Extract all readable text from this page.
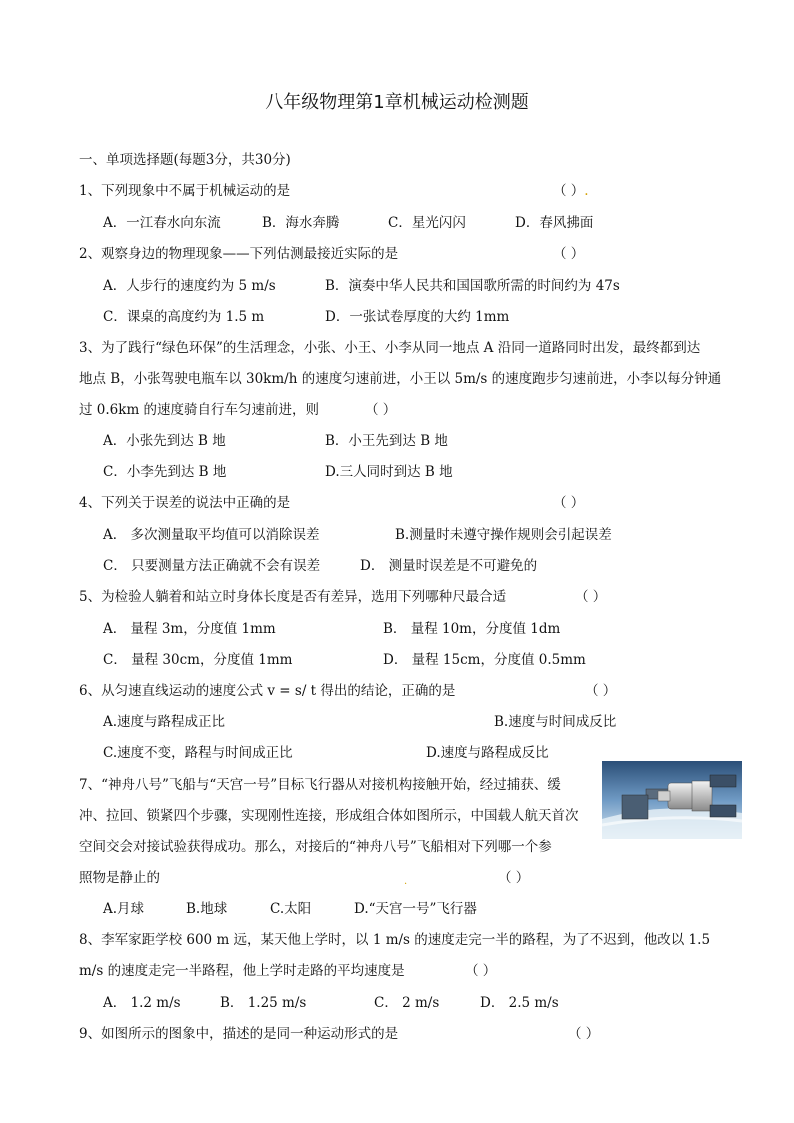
八年级物理第1章机械运动检测题
一、单项选择题(每题3分，共30分)
1、下列现象中不属于机械运动的是	（ ）.
A．一江春水向东流	B．海水奔腾	C．星光闪闪	D．春风拂面
2、观察身边的物理现象——下列估测最接近实际的是	（ ）
A．人步行的速度约为 5 m/s	B．演奏中华人民共和国国歌所需的时间约为 47s
C．课桌的高度约为 1.5 m	D．一张试卷厚度的大约 1mm
3、为了践行“绿色环保”的生活理念，小张、小王、小李从同一地点 A 沿同一道路同时出发，最终都到达
地点 B，小张驾驶电瓶车以 30km/h 的速度匀速前进，小王以 5m/s 的速度跑步匀速前进，小李以每分钟通
过 0.6km 的速度骑自行车匀速前进，则	（ ）
A．小张先到达 B 地	B．小王先到达 B 地
C．小李先到达 B 地	D.三人同时到达 B 地
4、下列关于误差的说法中正确的是	（ ）
A． 多次测量取平均值可以消除误差	B.测量时未遵守操作规则会引起误差
C． 只要测量方法正确就不会有误差	D． 测量时误差是不可避免的
5、为检验人躺着和站立时身体长度是否有差异，选用下列哪种尺最合适	（ ）
A． 量程 3m，分度值 1mm	B． 量程 10m，分度值 1dm
C． 量程 30cm，分度值 1mm	D． 量程 15cm，分度值 0.5mm
6、从匀速直线运动的速度公式 v = s/ t 得出的结论，正确的是	（ ）
A.速度与路程成正比	B.速度与时间成反比
C.速度不变，路程与时间成正比	D.速度与路程成反比
7、“神舟八号”飞船与“天宫一号”目标飞行器从对接机构接触开始，经过捕获、缓
冲、拉回、锁紧四个步骤，实现刚性连接，形成组合体如图所示，中国载人航天首次
空间交会对接试验获得成功。那么，对接后的“神舟八号”飞船相对下列哪一个参
照物是静止的	（ ）
.
A.月球	B.地球	C.太阳	D.“天宫一号”飞行器
8、李军家距学校 600 m 远，某天他上学时，以 1 m/s 的速度走完一半的路程，为了不迟到，他改以 1.5
m/s 的速度走完一半路程，他上学时走路的平均速度是	（ ）
A． 1.2 m/s	B． 1.25 m/s	C． 2 m/s	D． 2.5 m/s
9、如图所示的图象中，描述的是同一种运动形式的是	（ ）
